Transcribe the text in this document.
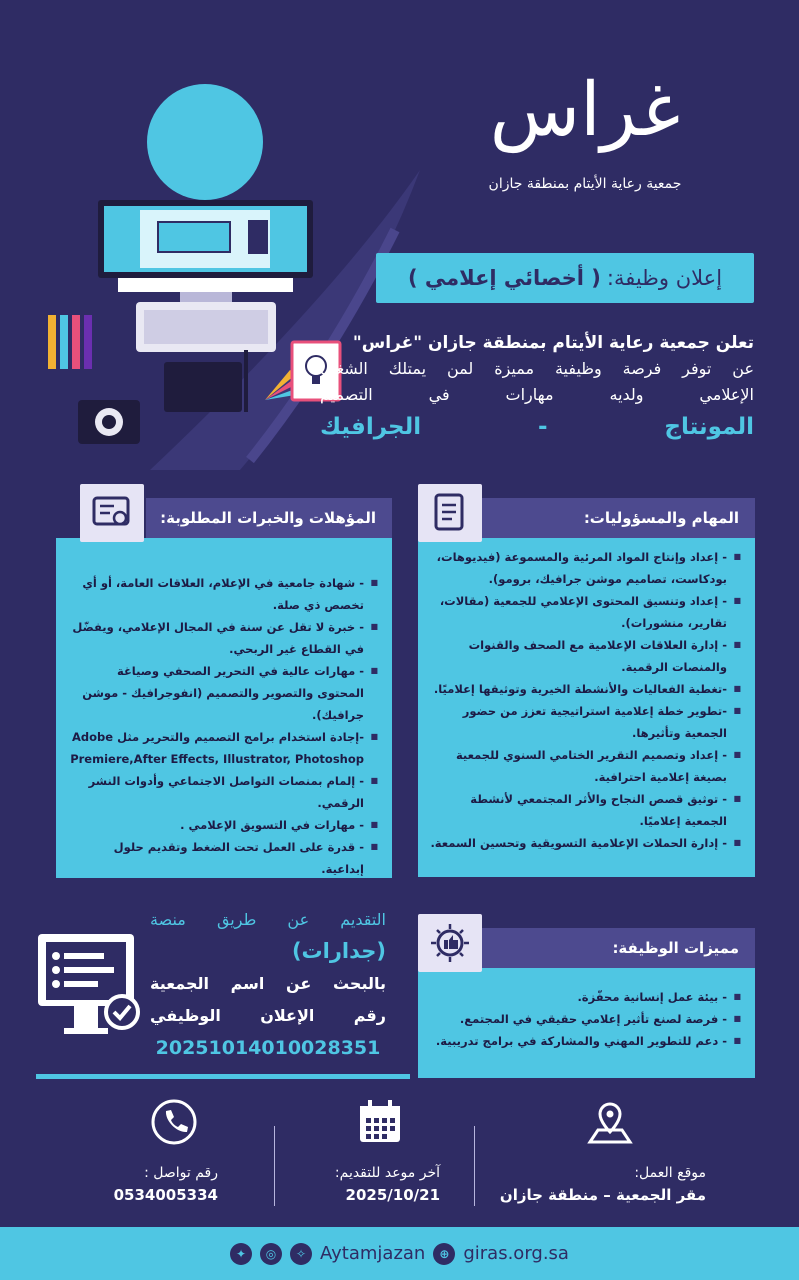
غراس
جمعية رعاية الأيتام بمنطقة جازان
إعلان وظيفة:
( أخصائي إعلامي )
تعلن جمعية رعاية الأيتام بمنطقة جازان "غراس"
عن توفر فرصة وظيفية مميزة لمن يمتلك الشغف
الإعلامي ولديه مهارات في التصميم
المونتاج - الجرافيك
■ - إعداد وإنتاج المواد المرئية والمسموعة (فيديوهات، بودكاست، تصاميم موشن جرافيك، برومو).
■ - إعداد وتنسيق المحتوى الإعلامي للجمعية (مقالات، تقارير، منشورات).
■ - إدارة العلاقات الإعلامية مع الصحف والقنوات والمنصات الرقمية.
■ -تغطية الفعاليات والأنشطة الخيرية وتوثيقها إعلاميًا.
■ -تطوير خطة إعلامية استراتيجية تعزز من حضور الجمعية وتأثيرها.
■ - إعداد وتصميم التقرير الختامي السنوي للجمعية بصيغة إعلامية احترافية.
■ - توثيق قصص النجاح والأثر المجتمعي لأنشطة الجمعية إعلاميًا.
■ - إدارة الحملات الإعلامية التسويقية وتحسين السمعة.
المهام والمسؤوليات:
■ - شهادة جامعية في الإعلام، العلاقات العامة، أو أي تخصص ذي صلة.
■ - خبرة لا تقل عن سنة في المجال الإعلامي، ويفضّل في القطاع غير الربحي.
■ - مهارات عالية في التحرير الصحفي وصياغة المحتوى والتصوير والتصميم (انفوجرافيك - موشن جرافيك).
■ -إجادة استخدام برامج التصميم والتحرير مثل Adobe Premiere,After Effects, Illustrator, Photoshop
■ - إلمام بمنصات التواصل الاجتماعي وأدوات النشر الرقمي.
■ - مهارات في التسويق الإعلامي .
■ - قدرة على العمل تحت الضغط وتقديم حلول إبداعية.
المؤهلات والخبرات المطلوبة:
التقديم عن طريق منصة
(جدارات)
بالبحث عن اسم الجمعية
رقم الإعلان الوظيفي
20251014010028351
■ - بيئة عمل إنسانية محفّزة.
■ - فرصة لصنع تأثير إعلامي حقيقي في المجتمع.
■ - دعم للتطوير المهني والمشاركة في برامج تدريبية.
مميزات الوظيفة:
موقع العمل:
مقر الجمعية – منطقة جازان
آخر موعد للتقديم:
2025/10/21
رقم تواصل :
0534005334
✦	◎	✧ Aytamjazan	⊕ giras.org.sa
